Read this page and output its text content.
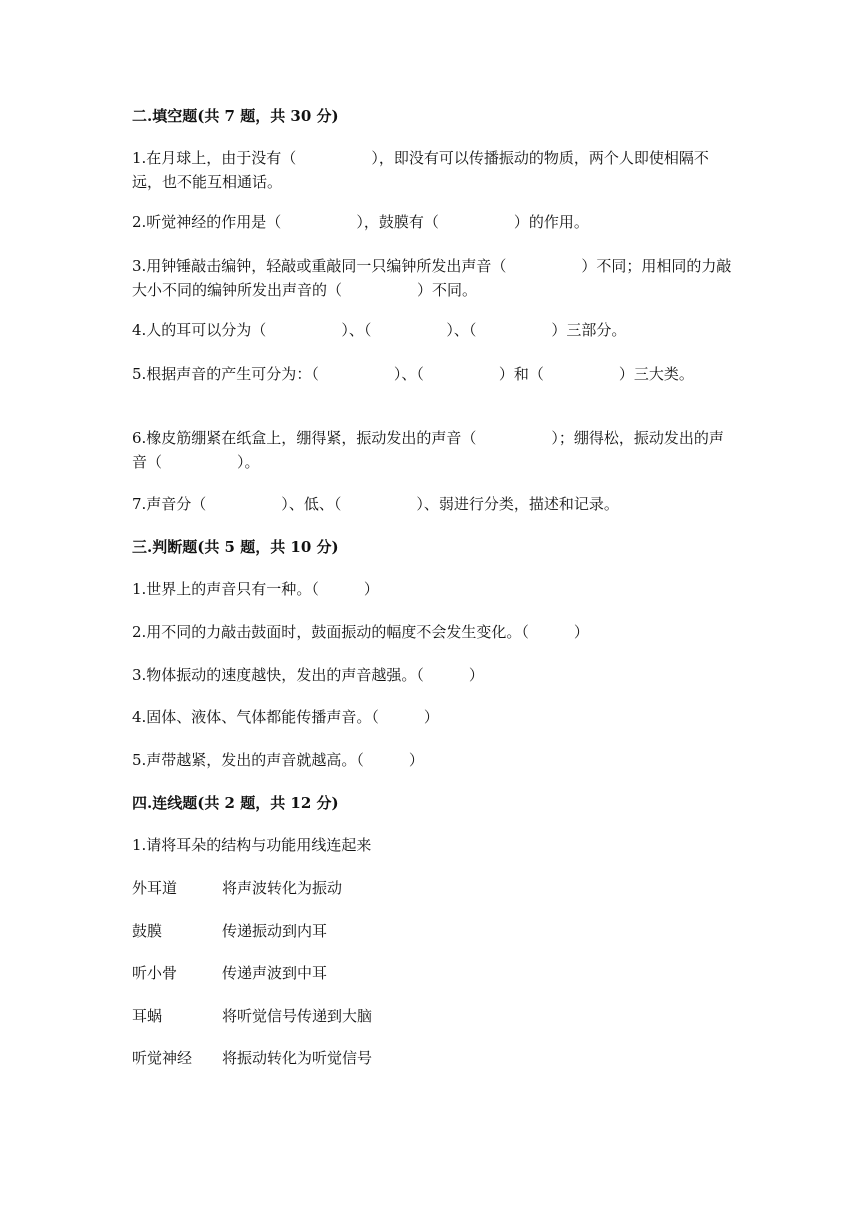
二.填空题(共 7 题，共 30 分)

1.在月球上，由于没有（　　　　　），即没有可以传播振动的物质，两个人即使相隔不远，也不能互相通话。

2.听觉神经的作用是（　　　　　），鼓膜有（　　　　　）的作用。

3.用钟锤敲击编钟，轻敲或重敲同一只编钟所发出声音（　　　　　）不同；用相同的力敲大小不同的编钟所发出声音的（　　　　　）不同。

4.人的耳可以分为（　　　　　）、（　　　　　）、（　　　　　）三部分。

5.根据声音的产生可分为：（　　　　　）、（　　　　　）和（　　　　　）三大类。

6.橡皮筋绷紧在纸盒上，绷得紧，振动发出的声音（　　　　　）；绷得松，振动发出的声音（　　　　　）。

7.声音分（　　　　　）、低、（　　　　　）、弱进行分类，描述和记录。

三.判断题(共 5 题，共 10 分)

1.世界上的声音只有一种。（　　　）

2.用不同的力敲击鼓面时，鼓面振动的幅度不会发生变化。（　　　）

3.物体振动的速度越快，发出的声音越强。（　　　）

4.固体、液体、气体都能传播声音。（　　　）

5.声带越紧，发出的声音就越高。（　　　）

四.连线题(共 2 题，共 12 分)

1.请将耳朵的结构与功能用线连起来

外耳道	将声波转化为振动
鼓膜	传递振动到内耳
听小骨	传递声波到中耳
耳蜗	将听觉信号传递到大脑
听觉神经	将振动转化为听觉信号
